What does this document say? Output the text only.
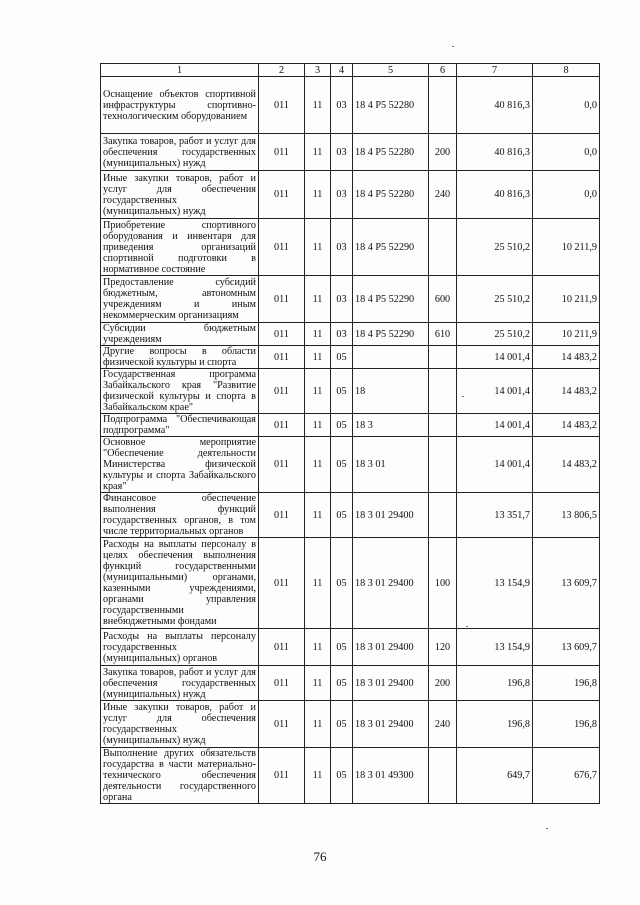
1	2	3	4	5	6	7	8
Оснащение объектов спортивной инфраструктуры спортивно-технологическим оборудованием	011	11	03	18 4 Р5 52280		40 816,3	0,0
Закупка товаров, работ и услуг для обеспечения государственных (муниципальных) нужд	011	11	03	18 4 Р5 52280	200	40 816,3	0,0
Иные закупки товаров, работ и услуг для обеспечения государственных (муниципальных) нужд	011	11	03	18 4 Р5 52280	240	40 816,3	0,0
Приобретение спортивного оборудования и инвентаря для приведения организаций спортивной подготовки в нормативное состояние	011	11	03	18 4 Р5 52290		25 510,2	10 211,9
Предоставление субсидий бюджетным, автономным учреждениям и иным некоммерческим организациям	011	11	03	18 4 Р5 52290	600	25 510,2	10 211,9
Субсидии бюджетным учреждениям	011	11	03	18 4 Р5 52290	610	25 510,2	10 211,9
Другие вопросы в области физической культуры и спорта	011	11	05			14 001,4	14 483,2
Государственная программа Забайкальского края "Развитие физической культуры и спорта в Забайкальском крае"	011	11	05	18		14 001,4	14 483,2
Подпрограмма "Обеспечивающая подпрограмма"	011	11	05	18 3		14 001,4	14 483,2
Основное мероприятие "Обеспечение деятельности Министерства физической культуры и спорта Забайкальского края"	011	11	05	18 3 01		14 001,4	14 483,2
Финансовое обеспечение выполнения функций государственных органов, в том числе территориальных органов	011	11	05	18 3 01 29400		13 351,7	13 806,5
Расходы на выплаты персоналу в целях обеспечения выполнения функций государственными (муниципальными) органами, казенными учреждениями, органами управления государственными внебюджетными фондами	011	11	05	18 3 01 29400	100	13 154,9	13 609,7
Расходы на выплаты персоналу государственных (муниципальных) органов	011	11	05	18 3 01 29400	120	13 154,9	13 609,7
Закупка товаров, работ и услуг для обеспечения государственных (муниципальных) нужд	011	11	05	18 3 01 29400	200	196,8	196,8
Иные закупки товаров, работ и услуг для обеспечения государственных (муниципальных) нужд	011	11	05	18 3 01 29400	240	196,8	196,8
Выполнение других обязательств государства в части материально-технического обеспечения деятельности государственного органа	011	11	05	18 3 01 49300		649,7	676,7
76
